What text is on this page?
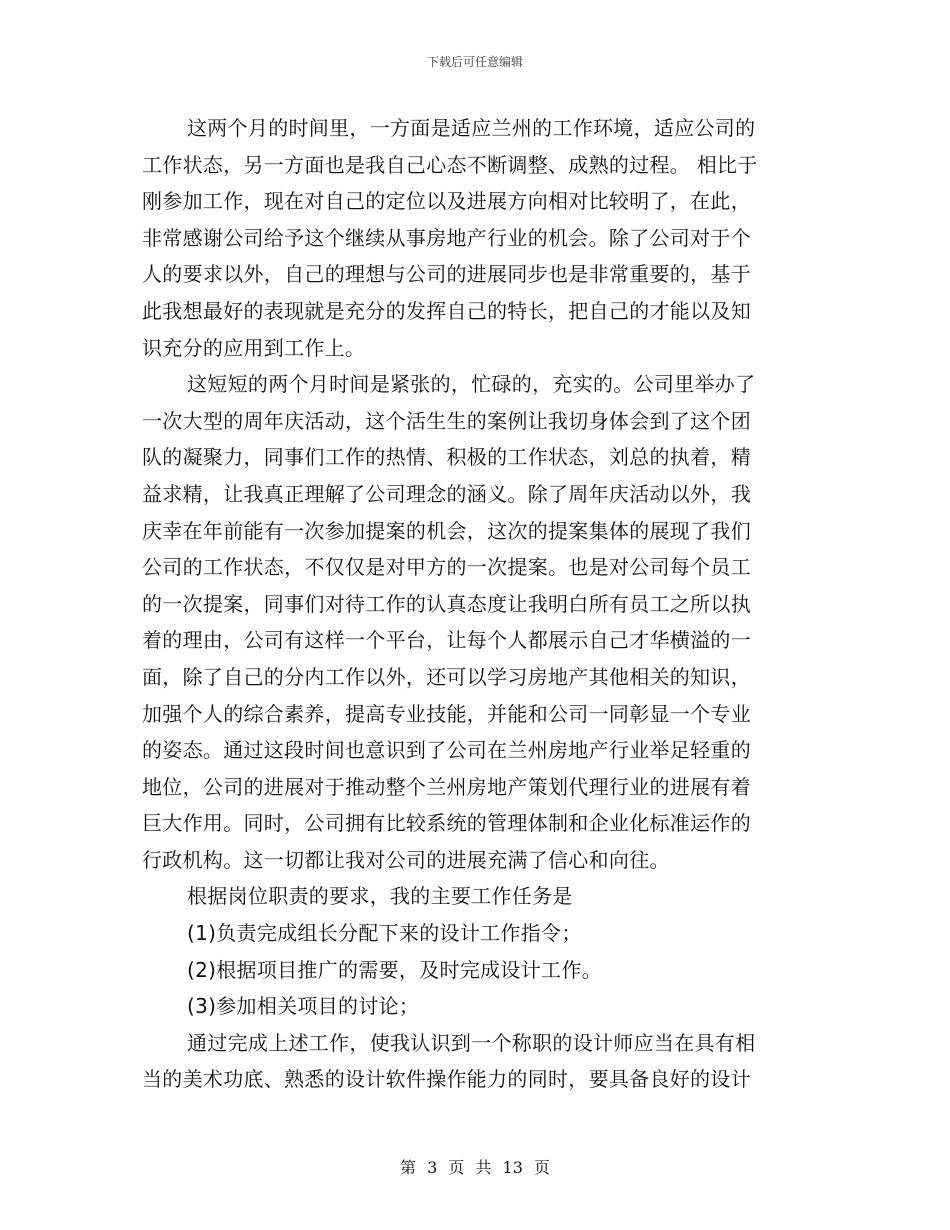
下载后可任意编辑
这两个月的时间里，一方面是适应兰州的工作环境，适应公司的
工作状态，另一方面也是我自己心态不断调整、成熟的过程。 相比于
刚参加工作，现在对自己的定位以及进展方向相对比较明了，在此，
非常感谢公司给予这个继续从事房地产行业的机会。除了公司对于个
人的要求以外，自己的理想与公司的进展同步也是非常重要的，基于
此我想最好的表现就是充分的发挥自己的特长，把自己的才能以及知
识充分的应用到工作上。
这短短的两个月时间是紧张的，忙碌的，充实的。公司里举办了
一次大型的周年庆活动，这个活生生的案例让我切身体会到了这个团
队的凝聚力，同事们工作的热情、积极的工作状态，刘总的执着，精
益求精，让我真正理解了公司理念的涵义。除了周年庆活动以外，我
庆幸在年前能有一次参加提案的机会，这次的提案集体的展现了我们
公司的工作状态，不仅仅是对甲方的一次提案。也是对公司每个员工
的一次提案，同事们对待工作的认真态度让我明白所有员工之所以执
着的理由，公司有这样一个平台，让每个人都展示自己才华横溢的一
面，除了自己的分内工作以外，还可以学习房地产其他相关的知识，
加强个人的综合素养，提高专业技能，并能和公司一同彰显一个专业
的姿态。通过这段时间也意识到了公司在兰州房地产行业举足轻重的
地位，公司的进展对于推动整个兰州房地产策划代理行业的进展有着
巨大作用。同时，公司拥有比较系统的管理体制和企业化标准运作的
行政机构。这一切都让我对公司的进展充满了信心和向往。
根据岗位职责的要求，我的主要工作任务是
(1)负责完成组长分配下来的设计工作指令；
(2)根据项目推广的需要，及时完成设计工作。
(3)参加相关项目的讨论；
通过完成上述工作，使我认识到一个称职的设计师应当在具有相
当的美术功底、熟悉的设计软件操作能力的同时，要具备良好的设计
第 3 页 共 13 页
